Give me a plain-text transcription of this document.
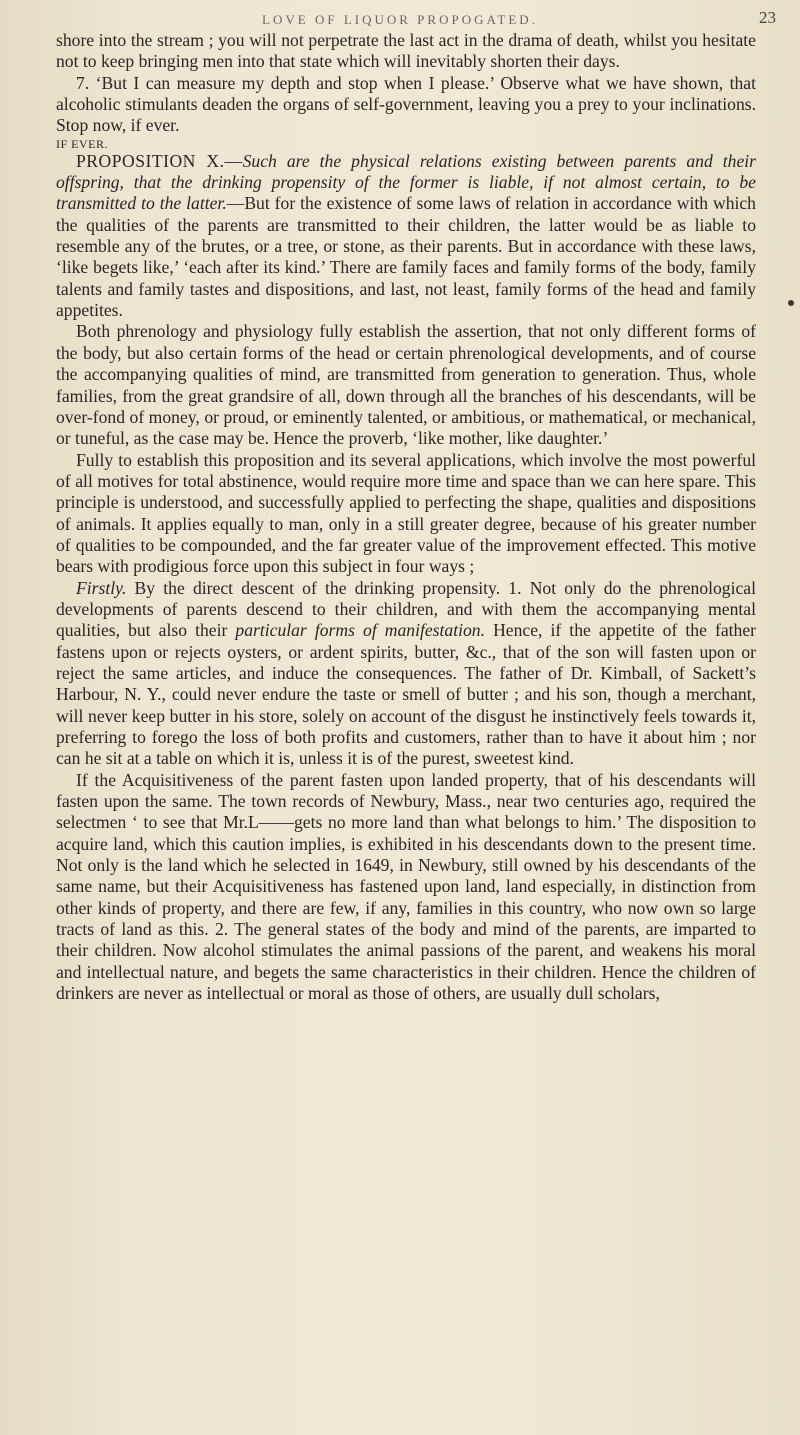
LOVE OF LIQUOR PROPOGATED.	23

shore into the stream ; you will not perpetrate the last act in the drama of death, whilst you hesitate not to keep bringing men into that state which will inevitably shorten their days.

7. ‘But I can measure my depth and stop when I please.’ Observe what we have shown, that alcoholic stimulants deaden the organs of self-government, leaving you a prey to your inclinations. Stop now, if ever.

IF EVER.

PROPOSITION X.—Such are the physical relations existing between parents and their offspring, that the drinking propensity of the former is liable, if not almost certain, to be transmitted to the latter.—But for the existence of some laws of relation in accordance with which the qualities of the parents are transmitted to their children, the latter would be as liable to resemble any of the brutes, or a tree, or stone, as their parents. But in accordance with these laws, ‘like begets like,’ ‘each after its kind.’ There are family faces and family forms of the body, family talents and family tastes and dispositions, and last, not least, family forms of the head and family appetites.

Both phrenology and physiology fully establish the assertion, that not only different forms of the body, but also certain forms of the head or certain phrenological developments, and of course the accompanying qualities of mind, are transmitted from generation to generation. Thus, whole families, from the great grandsire of all, down through all the branches of his descendants, will be over-fond of money, or proud, or eminently talented, or ambitious, or mathematical, or mechanical, or tuneful, as the case may be. Hence the proverb, ‘like mother, like daughter.’

Fully to establish this proposition and its several applications, which involve the most powerful of all motives for total abstinence, would require more time and space than we can here spare. This principle is understood, and successfully applied to perfecting the shape, qualities and dispositions of animals. It applies equally to man, only in a still greater degree, because of his greater number of qualities to be compounded, and the far greater value of the improvement effected. This motive bears with prodigious force upon this subject in four ways ;

Firstly. By the direct descent of the drinking propensity. 1. Not only do the phrenological developments of parents descend to their children, and with them the accompanying mental qualities, but also their particular forms of manifestation. Hence, if the appetite of the father fastens upon or rejects oysters, or ardent spirits, butter, &c., that of the son will fasten upon or reject the same articles, and induce the consequences. The father of Dr. Kimball, of Sackett’s Harbour, N. Y., could never endure the taste or smell of butter ; and his son, though a merchant, will never keep butter in his store, solely on account of the disgust he instinctively feels towards it, preferring to forego the loss of both profits and customers, rather than to have it about him ; nor can he sit at a table on which it is, unless it is of the purest, sweetest kind.

If the Acquisitiveness of the parent fasten upon landed property, that of his descendants will fasten upon the same. The town records of Newbury, Mass., near two centuries ago, required the selectmen ‘ to see that Mr.L——gets no more land than what belongs to him.’ The disposition to acquire land, which this caution implies, is exhibited in his descendants down to the present time. Not only is the land which he selected in 1649, in Newbury, still owned by his descendants of the same name, but their Acquisitiveness has fastened upon land, land especially, in distinction from other kinds of property, and there are few, if any, families in this country, who now own so large tracts of land as this. 2. The general states of the body and mind of the parents, are imparted to their children. Now alcohol stimulates the animal passions of the parent, and weakens his moral and intellectual nature, and begets the same characteristics in their children. Hence the children of drinkers are never as intellectual or moral as those of others, are usually dull scholars,
